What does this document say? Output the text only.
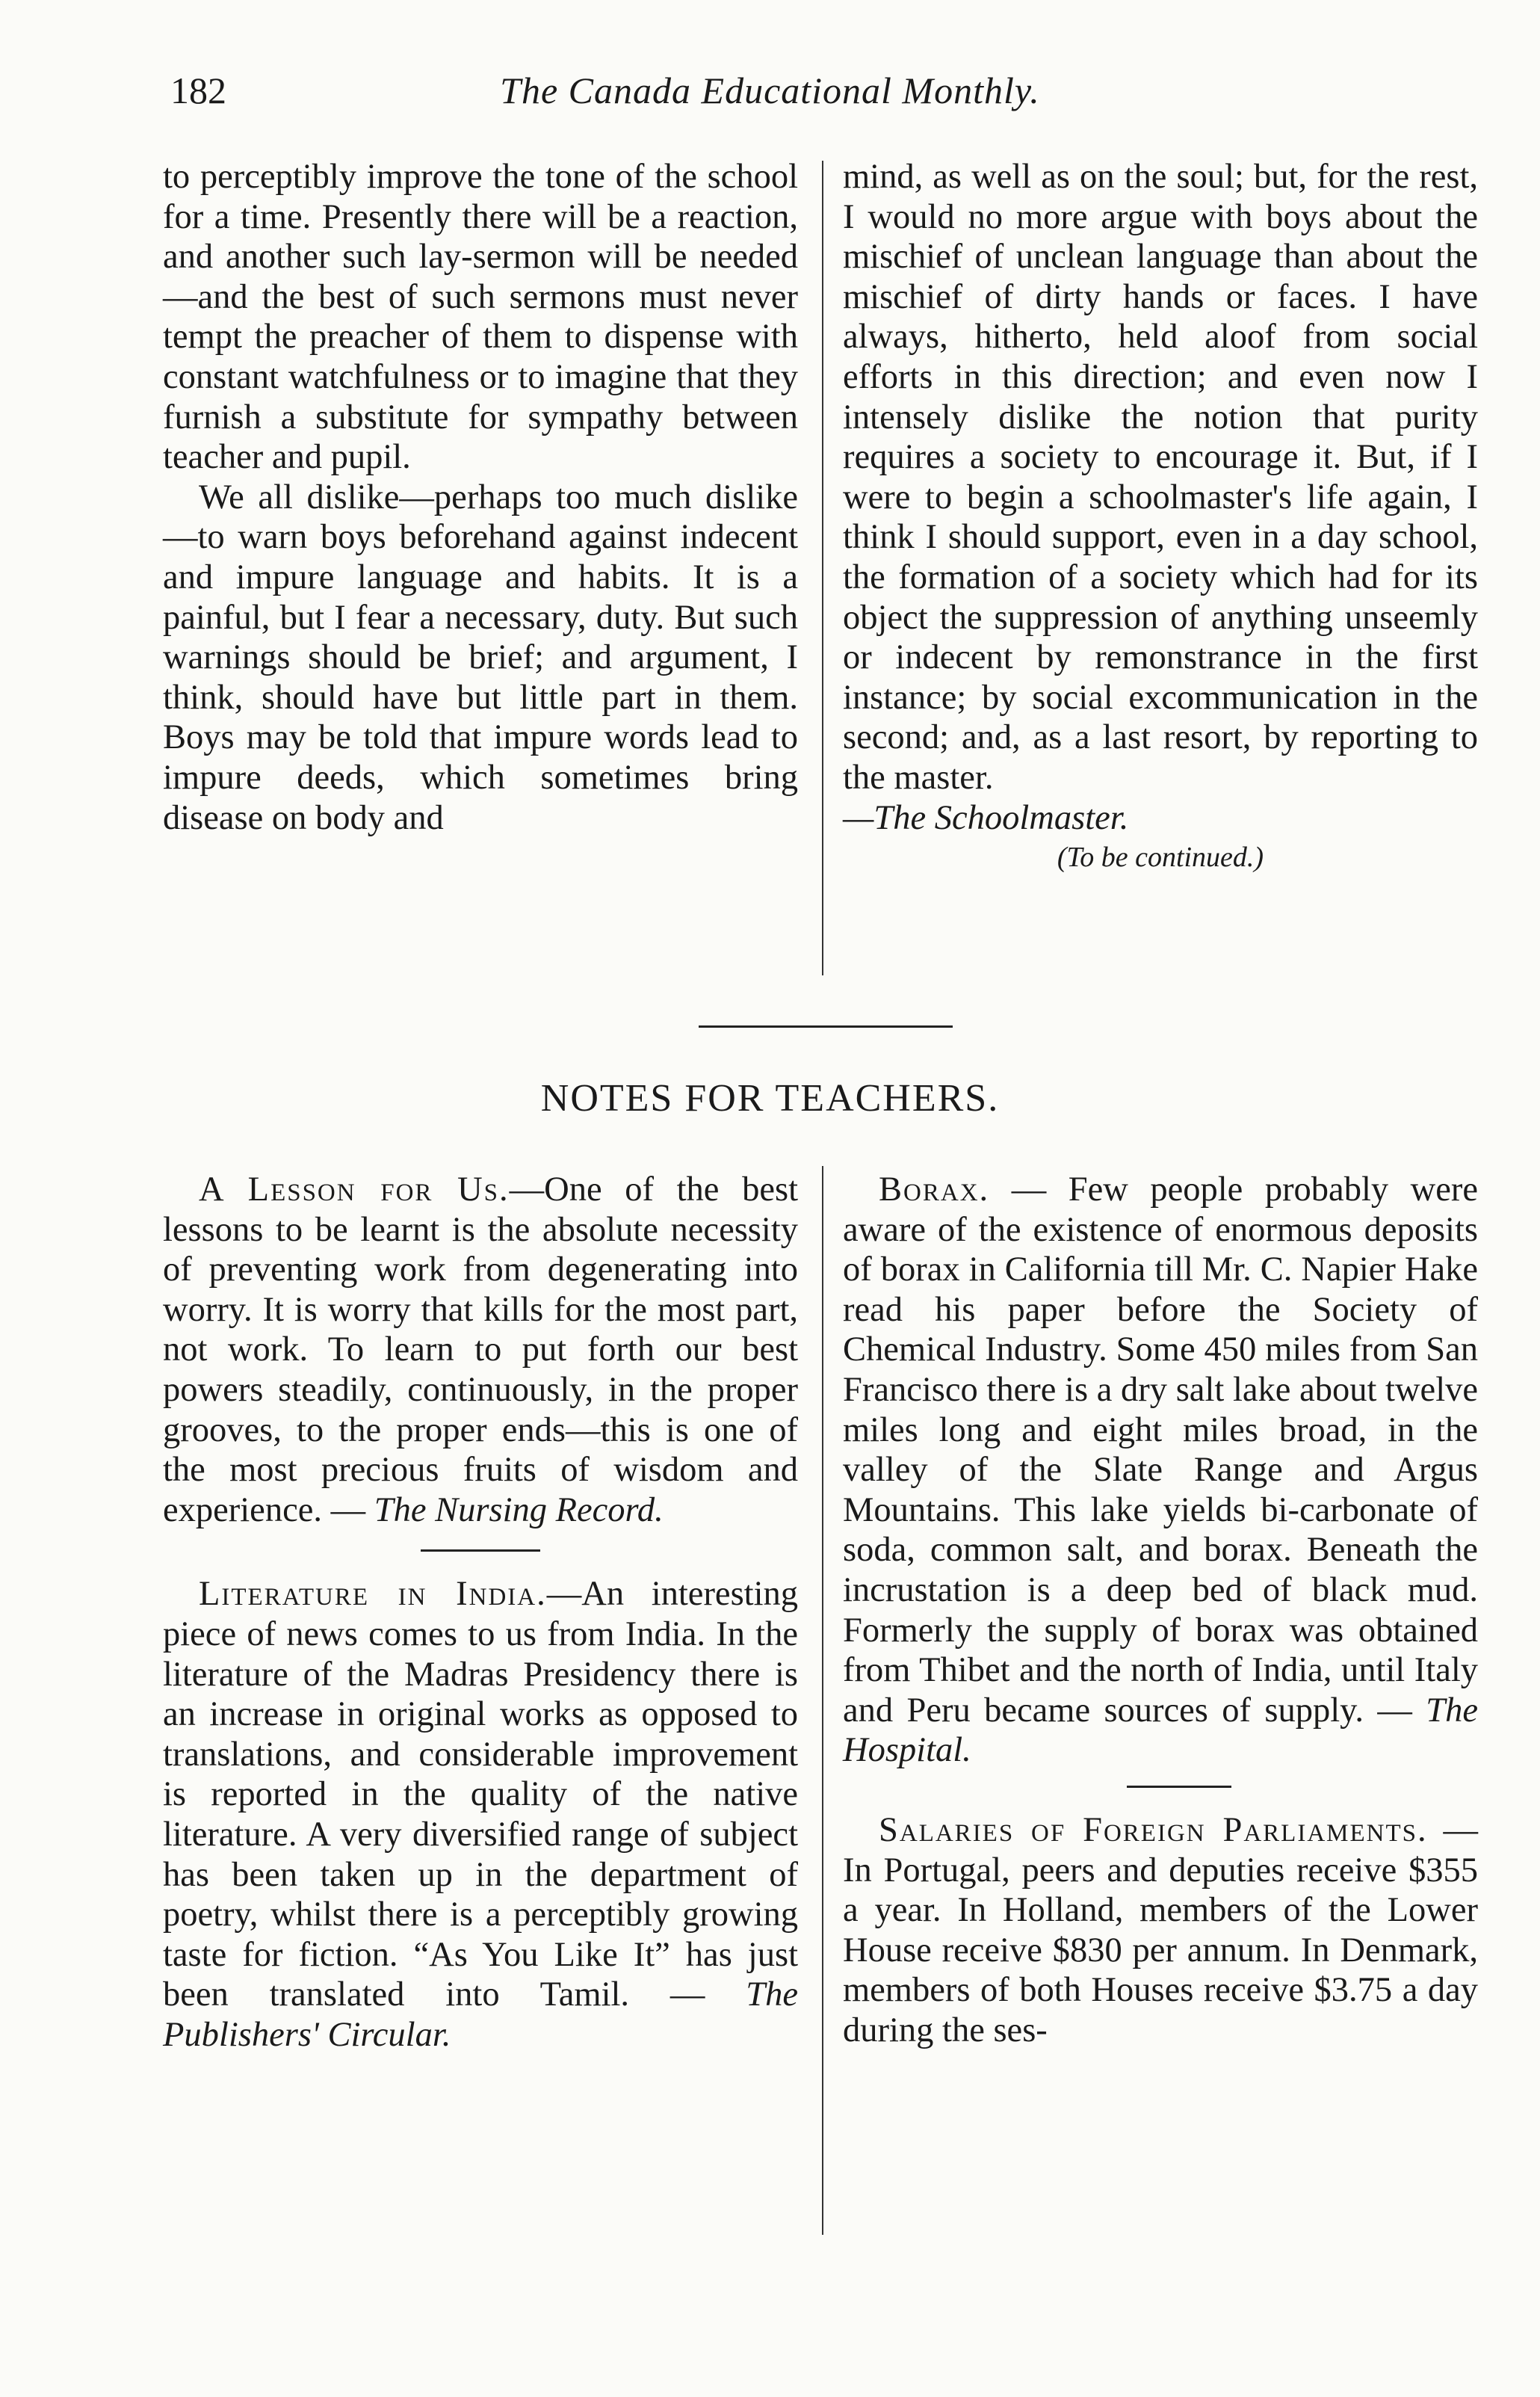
182	The Canada Educational Monthly.

to perceptibly improve the tone of the school for a time. Presently there will be a reaction, and another such lay-sermon will be needed—and the best of such sermons must never tempt the preacher of them to dispense with constant watchfulness or to imagine that they furnish a substitute for sympathy between teacher and pupil.

We all dislike—perhaps too much dislike—to warn boys beforehand against indecent and impure language and habits. It is a painful, but I fear a necessary, duty. But such warnings should be brief; and argument, I think, should have but little part in them. Boys may be told that impure words lead to impure deeds, which sometimes bring disease on body and

mind, as well as on the soul; but, for the rest, I would no more argue with boys about the mischief of unclean language than about the mischief of dirty hands or faces. I have always, hitherto, held aloof from social efforts in this direction; and even now I intensely dislike the notion that purity requires a society to encourage it. But, if I were to begin a schoolmaster's life again, I think I should support, even in a day school, the formation of a society which had for its object the suppression of anything unseemly or indecent by remonstrance in the first instance; by social excommunication in the second; and, as a last resort, by reporting to the master.
—The Schoolmaster.

(To be continued.)

NOTES FOR TEACHERS.

A Lesson for Us.—One of the best lessons to be learnt is the absolute necessity of preventing work from degenerating into worry. It is worry that kills for the most part, not work. To learn to put forth our best powers steadily, continuously, in the proper grooves, to the proper ends—this is one of the most precious fruits of wisdom and experience. — The Nursing Record.

Literature in India.—An interesting piece of news comes to us from India. In the literature of the Madras Presidency there is an increase in original works as opposed to translations, and considerable improvement is reported in the quality of the native literature. A very diversified range of subject has been taken up in the department of poetry, whilst there is a perceptibly growing taste for fiction. “As You Like It” has just been translated into Tamil. — The Publishers' Circular.

Borax. — Few people probably were aware of the existence of enormous deposits of borax in California till Mr. C. Napier Hake read his paper before the Society of Chemical Industry. Some 450 miles from San Francisco there is a dry salt lake about twelve miles long and eight miles broad, in the valley of the Slate Range and Argus Mountains. This lake yields bi-carbonate of soda, common salt, and borax. Beneath the incrustation is a deep bed of black mud. Formerly the supply of borax was obtained from Thibet and the north of India, until Italy and Peru became sources of supply. — The Hospital.

Salaries of Foreign Parliaments. — In Portugal, peers and deputies receive $355 a year. In Holland, members of the Lower House receive $830 per annum. In Denmark, members of both Houses receive $3.75 a day during the ses-
